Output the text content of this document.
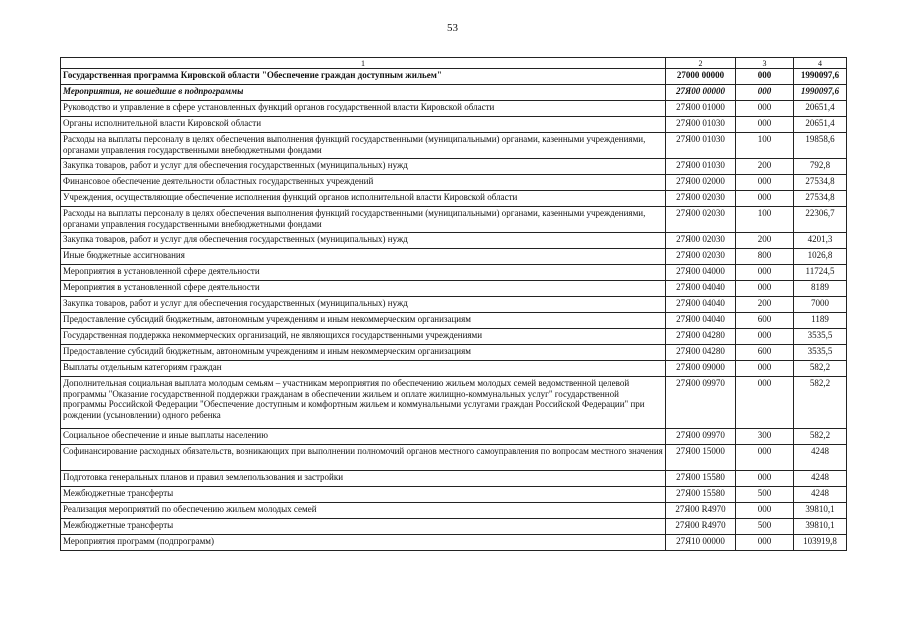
53
1	2	3	4
Государственная программа Кировской области "Обеспечение граждан доступным жильем"	27000 00000	000	1990097,6
Мероприятия, не вошедшие в подпрограммы	27Я00 00000	000	1990097,6
Руководство и управление в сфере установленных функций органов государственной власти Кировской области	27Я00 01000	000	20651,4
Органы исполнительной власти Кировской области	27Я00 01030	000	20651,4
Расходы на выплаты персоналу в целях обеспечения выполнения функций государственными (муниципальными) органами, казенными учреждениями, органами управления государственными внебюджетными фондами	27Я00 01030	100	19858,6
Закупка товаров, работ и услуг для обеспечения государственных (муниципальных) нужд	27Я00 01030	200	792,8
Финансовое обеспечение деятельности областных государственных учреждений	27Я00 02000	000	27534,8
Учреждения, осуществляющие обеспечение исполнения функций органов исполнительной власти Кировской области	27Я00 02030	000	27534,8
Расходы на выплаты персоналу в целях обеспечения выполнения функций государственными (муниципальными) органами, казенными учреждениями, органами управления государственными внебюджетными фондами	27Я00 02030	100	22306,7
Закупка товаров, работ и услуг для обеспечения государственных (муниципальных) нужд	27Я00 02030	200	4201,3
Иные бюджетные ассигнования	27Я00 02030	800	1026,8
Мероприятия в установленной сфере деятельности	27Я00 04000	000	11724,5
Мероприятия в установленной сфере деятельности	27Я00 04040	000	8189
Закупка товаров, работ и услуг для обеспечения государственных (муниципальных) нужд	27Я00 04040	200	7000
Предоставление субсидий бюджетным, автономным учреждениям и иным некоммерческим организациям	27Я00 04040	600	1189
Государственная поддержка некоммерческих организаций, не являющихся государственными учреждениями	27Я00 04280	000	3535,5
Предоставление субсидий бюджетным, автономным учреждениям и иным некоммерческим организациям	27Я00 04280	600	3535,5
Выплаты отдельным категориям граждан	27Я00 09000	000	582,2
Дополнительная социальная выплата молодым семьям – участникам мероприятия по обеспечению жильем молодых семей ведомственной целевой программы "Оказание государственной поддержки гражданам в обеспечении жильем и оплате жилищно-коммунальных услуг" государственной программы Российской Федерации "Обеспечение доступным и комфортным жильем и коммунальными услугами граждан Российской Федерации" при рождении (усыновлении) одного ребенка	27Я00 09970	000	582,2
Социальное обеспечение и иные выплаты населению	27Я00 09970	300	582,2
Софинансирование расходных обязательств, возникающих при выполнении полномочий органов местного самоуправления по вопросам местного значения	27Я00 15000	000	4248
Подготовка генеральных планов и правил землепользования и застройки	27Я00 15580	000	4248
Межбюджетные трансферты	27Я00 15580	500	4248
Реализация мероприятий по обеспечению жильем молодых семей	27Я00 R4970	000	39810,1
Межбюджетные трансферты	27Я00 R4970	500	39810,1
Мероприятия программ (подпрограмм)	27Я10 00000	000	103919,8
